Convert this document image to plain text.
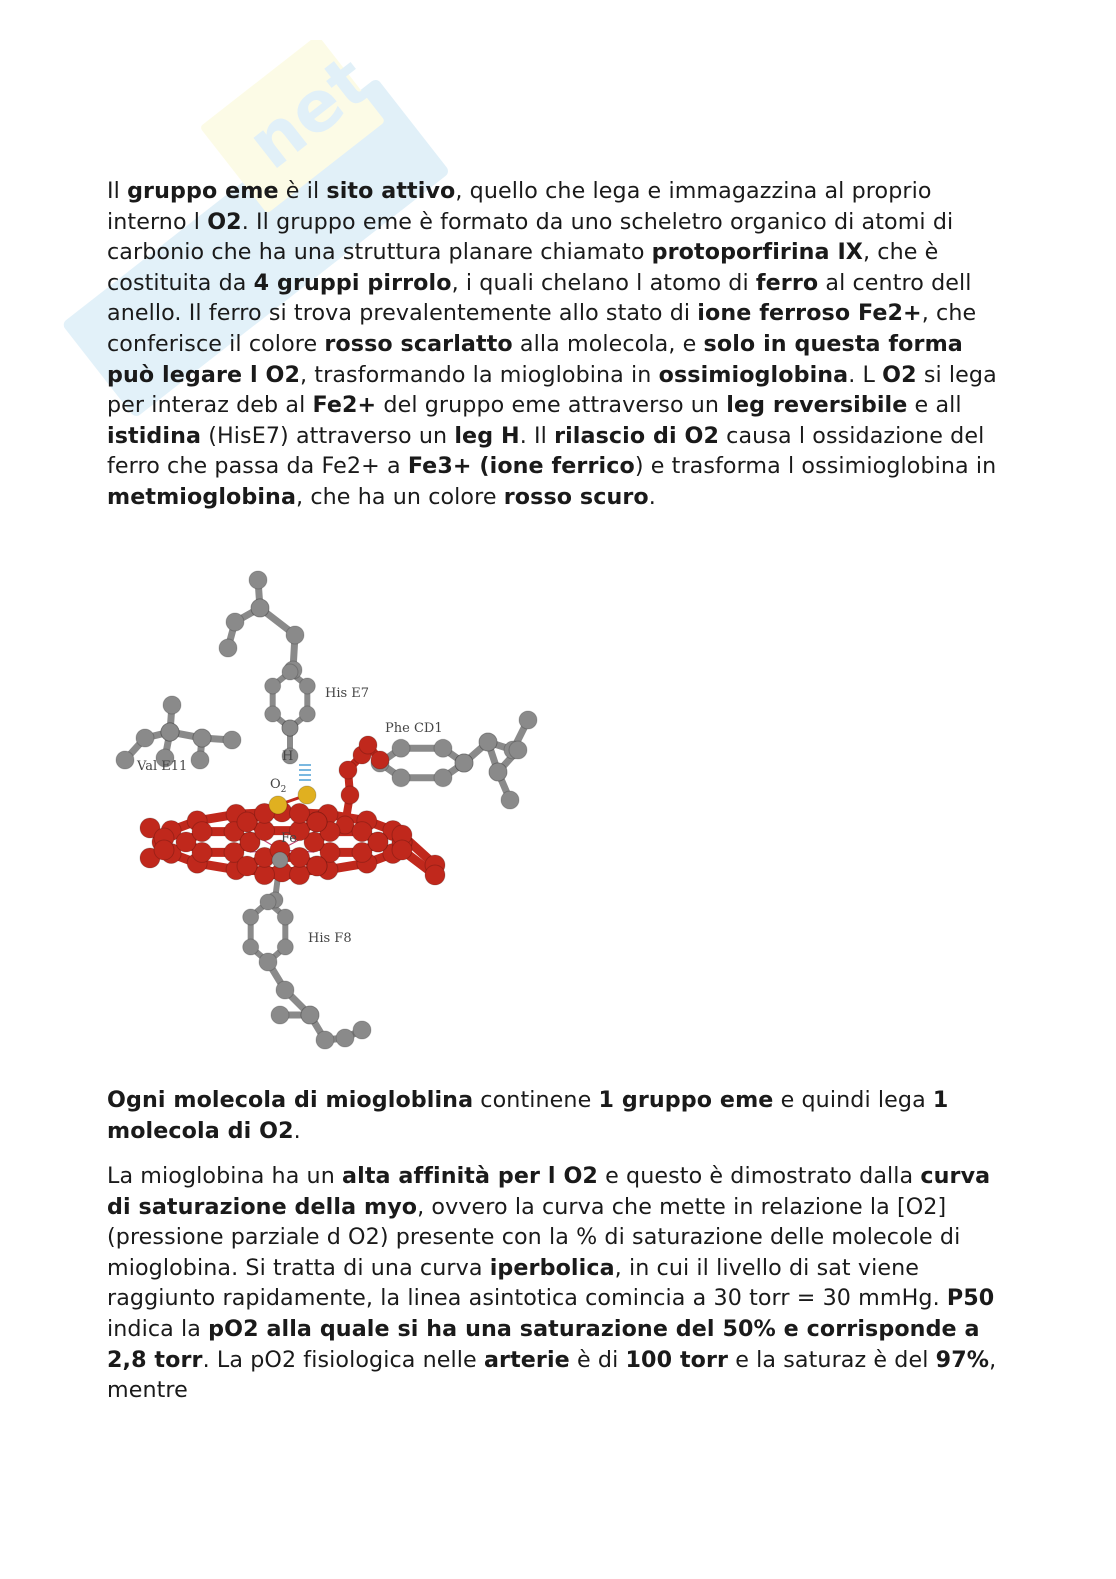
net
Il gruppo eme è il sito attivo, quello che lega e immagazzina al proprio interno l O2. Il gruppo eme è formato da uno scheletro organico di atomi di carbonio che ha una struttura planare chiamato protoporfirina IX, che è costituita da 4 gruppi pirrolo, i quali chelano l atomo di ferro al centro dell anello. Il ferro si trova prevalentemente allo stato di ione ferroso Fe2+, che conferisce il colore rosso scarlatto alla molecola, e solo in questa forma può legare l O2, trasformando la mioglobina in ossimioglobina. L O2 si lega per interaz deb al Fe2+ del gruppo eme attraverso un leg reversibile e all istidina (HisE7) attraverso un leg H. Il rilascio di O2 causa l ossidazione del ferro che passa da Fe2+ a Fe3+ (ione ferrico) e trasforma l ossimioglobina in metmioglobina, che ha un colore rosso scuro.
His E7
Phe CD1
Val E11
H
$O_2$
Fe
His F8
Ogni molecola di miogloblina continene 1 gruppo eme e quindi lega 1 molecola di O2.
La mioglobina ha un alta affinità per l O2 e questo è dimostrato dalla curva di saturazione della myo, ovvero la curva che mette in relazione la [O2] (pressione parziale d O2) presente con la % di saturazione delle molecole di mioglobina. Si tratta di una curva iperbolica, in cui il livello di sat viene raggiunto rapidamente, la linea asintotica comincia a 30 torr = 30 mmHg. P50 indica la pO2 alla quale si ha una saturazione del 50% e corrisponde a 2,8 torr. La pO2 fisiologica nelle arterie è di 100 torr e la saturaz è del 97%, mentre
